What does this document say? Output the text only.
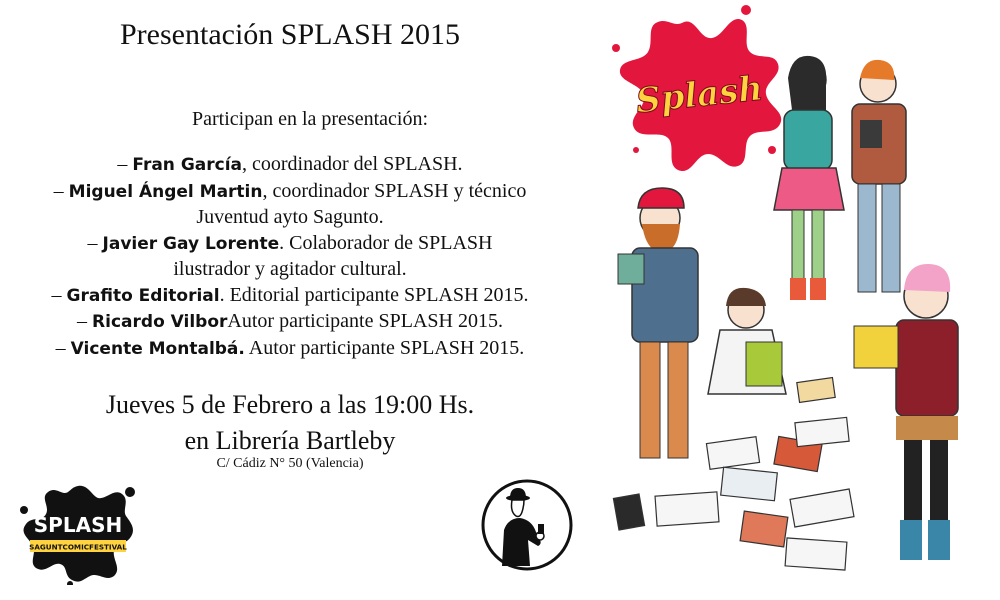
Presentación SPLASH 2015
Participan en la presentación:
– Fran García, coordinador del SPLASH.
– Miguel Ángel Martin, coordinador SPLASH y técnico
Juventud ayto Sagunto.
– Javier Gay Lorente. Colaborador de SPLASH
ilustrador y agitador cultural.
– Grafito Editorial. Editorial participante SPLASH 2015.
– Ricardo VilborAutor participante SPLASH 2015.
– Vicente Montalbá. Autor participante SPLASH 2015.
Jueves 5 de Febrero a las 19:00 Hs.
en Librería Bartleby
C/ Cádiz N° 50 (Valencia)
SPLASH
SAGUNTCOMICFESTIVAL
Splash
